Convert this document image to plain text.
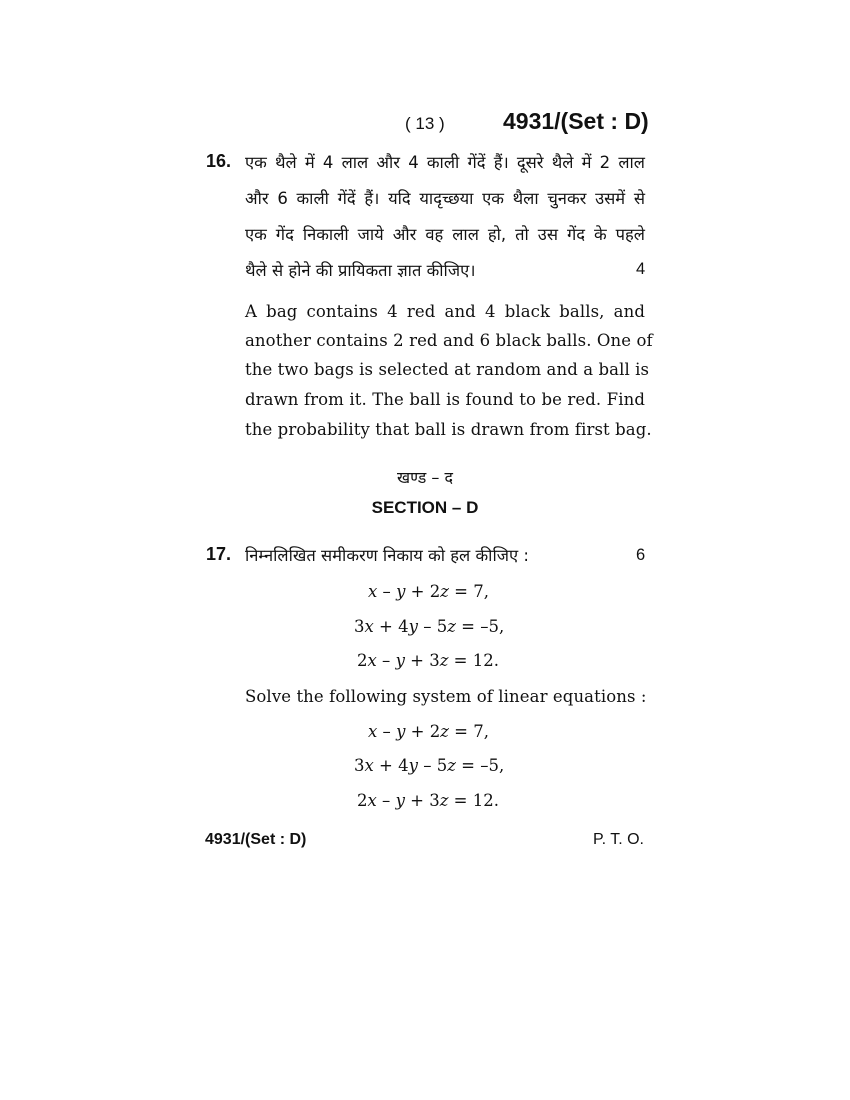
( 13 )	4931/(Set : D)
16. एक थैले में 4 लाल और 4 काली गेंदें हैं। दूसरे थैले में 2 लाल
और 6 काली गेंदें हैं। यदि यादृच्छया एक थैला चुनकर उसमें से
एक गेंद निकाली जाये और वह लाल हो, तो उस गेंद के पहले
थैले से होने की प्रायिकता ज्ञात कीजिए।	4
A bag contains 4 red and 4 black balls, and
another contains 2 red and 6 black balls. One of
the two bags is selected at random and a ball is
drawn from it. The ball is found to be red. Find
the probability that ball is drawn from first bag.
खण्ड – द
SECTION – D
17. निम्नलिखित समीकरण निकाय को हल कीजिए :	6
x – y + 2z = 7,
3x + 4y – 5z = –5,
2x – y + 3z = 12.
Solve the following system of linear equations :
x – y + 2z = 7,
3x + 4y – 5z = –5,
2x – y + 3z = 12.
4931/(Set : D)	P. T. O.
